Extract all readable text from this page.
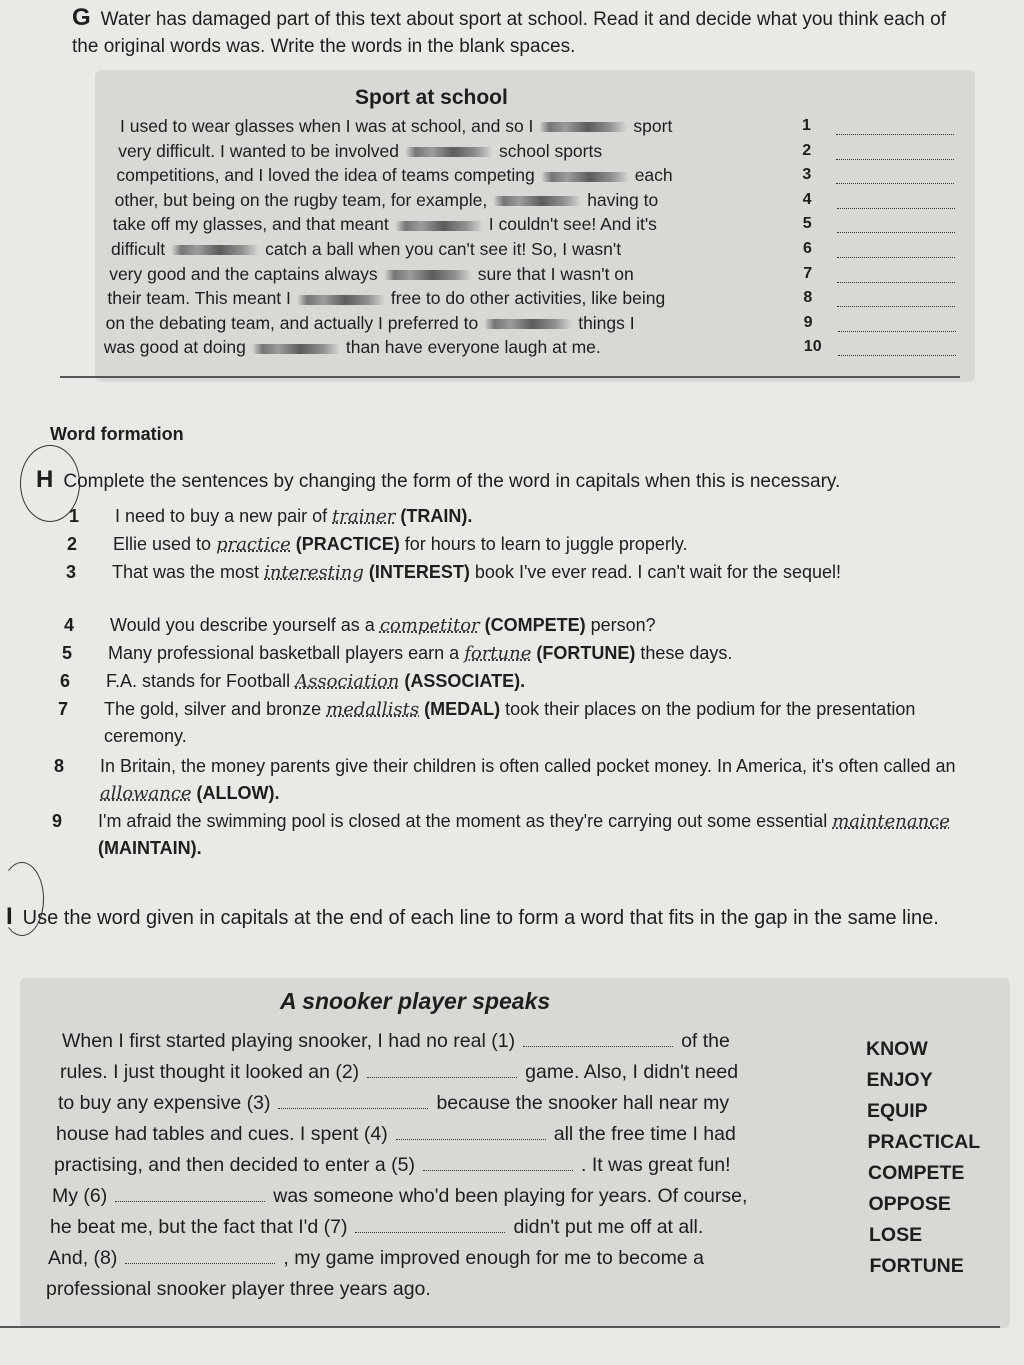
G Water has damaged part of this text about sport at school. Read it and decide what you think each of the original words was. Write the words in the blank spaces.
Sport at school
I used to wear glasses when I was at school, and so I	sport	1
very difficult. I wanted to be involved	school sports	2
competitions, and I loved the idea of teams competing	each	3
other, but being on the rugby team, for example,	having to	4
take off my glasses, and that meant	I couldn't see! And it's	5
difficult	catch a ball when you can't see it! So, I wasn't	6
very good and the captains always	sure that I wasn't on	7
their team. This meant I	free to do other activities, like being	8
on the debating team, and actually I preferred to	things I	9
was good at doing	than have everyone laugh at me.	10
Word formation
H Complete the sentences by changing the form of the word in capitals when this is necessary.
1 I need to buy a new pair of trainer (TRAIN).
2 Ellie used to practice (PRACTICE) for hours to learn to juggle properly.
3 That was the most interesting (INTEREST) book I've ever read. I can't wait for the sequel!
4 Would you describe yourself as a competitor (COMPETE) person?
5 Many professional basketball players earn a fortune (FORTUNE) these days.
6 F.A. stands for Football Association (ASSOCIATE).
7 The gold, silver and bronze medallists (MEDAL) took their places on the podium for the presentation ceremony.
8 In Britain, the money parents give their children is often called pocket money. In America, it's often called an allowance (ALLOW).
9 I'm afraid the swimming pool is closed at the moment as they're carrying out some essential maintenance (MAINTAIN).
I Use the word given in capitals at the end of each line to form a word that fits in the gap in the same line.
A snooker player speaks
When I first started playing snooker, I had no real (1)	of the	KNOW
rules. I just thought it looked an (2)	game. Also, I didn't need	ENJOY
to buy any expensive (3)	because the snooker hall near my	EQUIP
house had tables and cues. I spent (4)	all the free time I had	PRACTICAL
practising, and then decided to enter a (5)	. It was great fun!	COMPETE
My (6)	was someone who'd been playing for years. Of course,	OPPOSE
he beat me, but the fact that I'd (7)	didn't put me off at all.	LOSE
And, (8)	, my game improved enough for me to become a	FORTUNE
professional snooker player three years ago.
